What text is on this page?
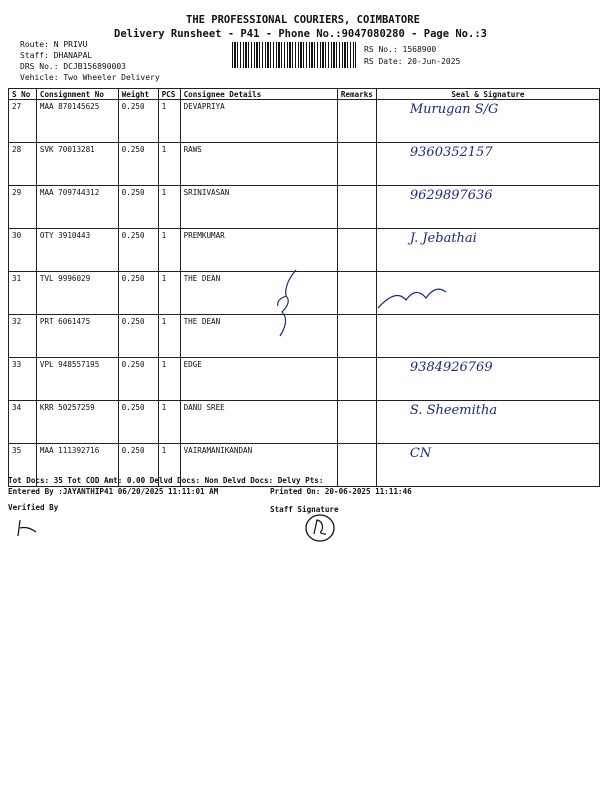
THE PROFESSIONAL COURIERS, COIMBATORE
Delivery Runsheet - P41 - Phone No.:9047080280 - Page No.:3
Route: N PRIVU
Staff: DHANAPAL
DRS No.: DCJB156890003
Vehicle: Two Wheeler Delivery
RS No.: 1568900
RS Date: 20-Jun-2025
S No	Consignment No	Weight	PCS	Consignee Details	Remarks	Seal & Signature
27	MAA 870145625	0.250	1	DEVAPRIYA		Murugan S/G
28	SVK 70013281	0.250	1	RAWS		9360352157
29	MAA 709744312	0.250	1	SRINIVASAN		9629897636
30	OTY 3910443	0.250	1	PREMKUMAR		J. Jebathai
31	TVL 9996029	0.250	1	THE DEAN		
32	PRT 6061475	0.250	1	THE DEAN		
33	VPL 948557195	0.250	1	EDGE		9384926769
34	KRR 50257259	0.250	1	DANU SREE		S. Sheemitha
35	MAA 111392716	0.250	1	VAIRAMANIKANDAN		CN
Tot Docs: 35 Tot COD Amt: 0.00 Delvd Docs: Non Delvd Docs: Delvy Pts:
Entered By :JAYANTHIP41 06/20/2025 11:11:01 AM	Printed On: 20-06-2025 11:11:46
Verified By	Staff Signature
